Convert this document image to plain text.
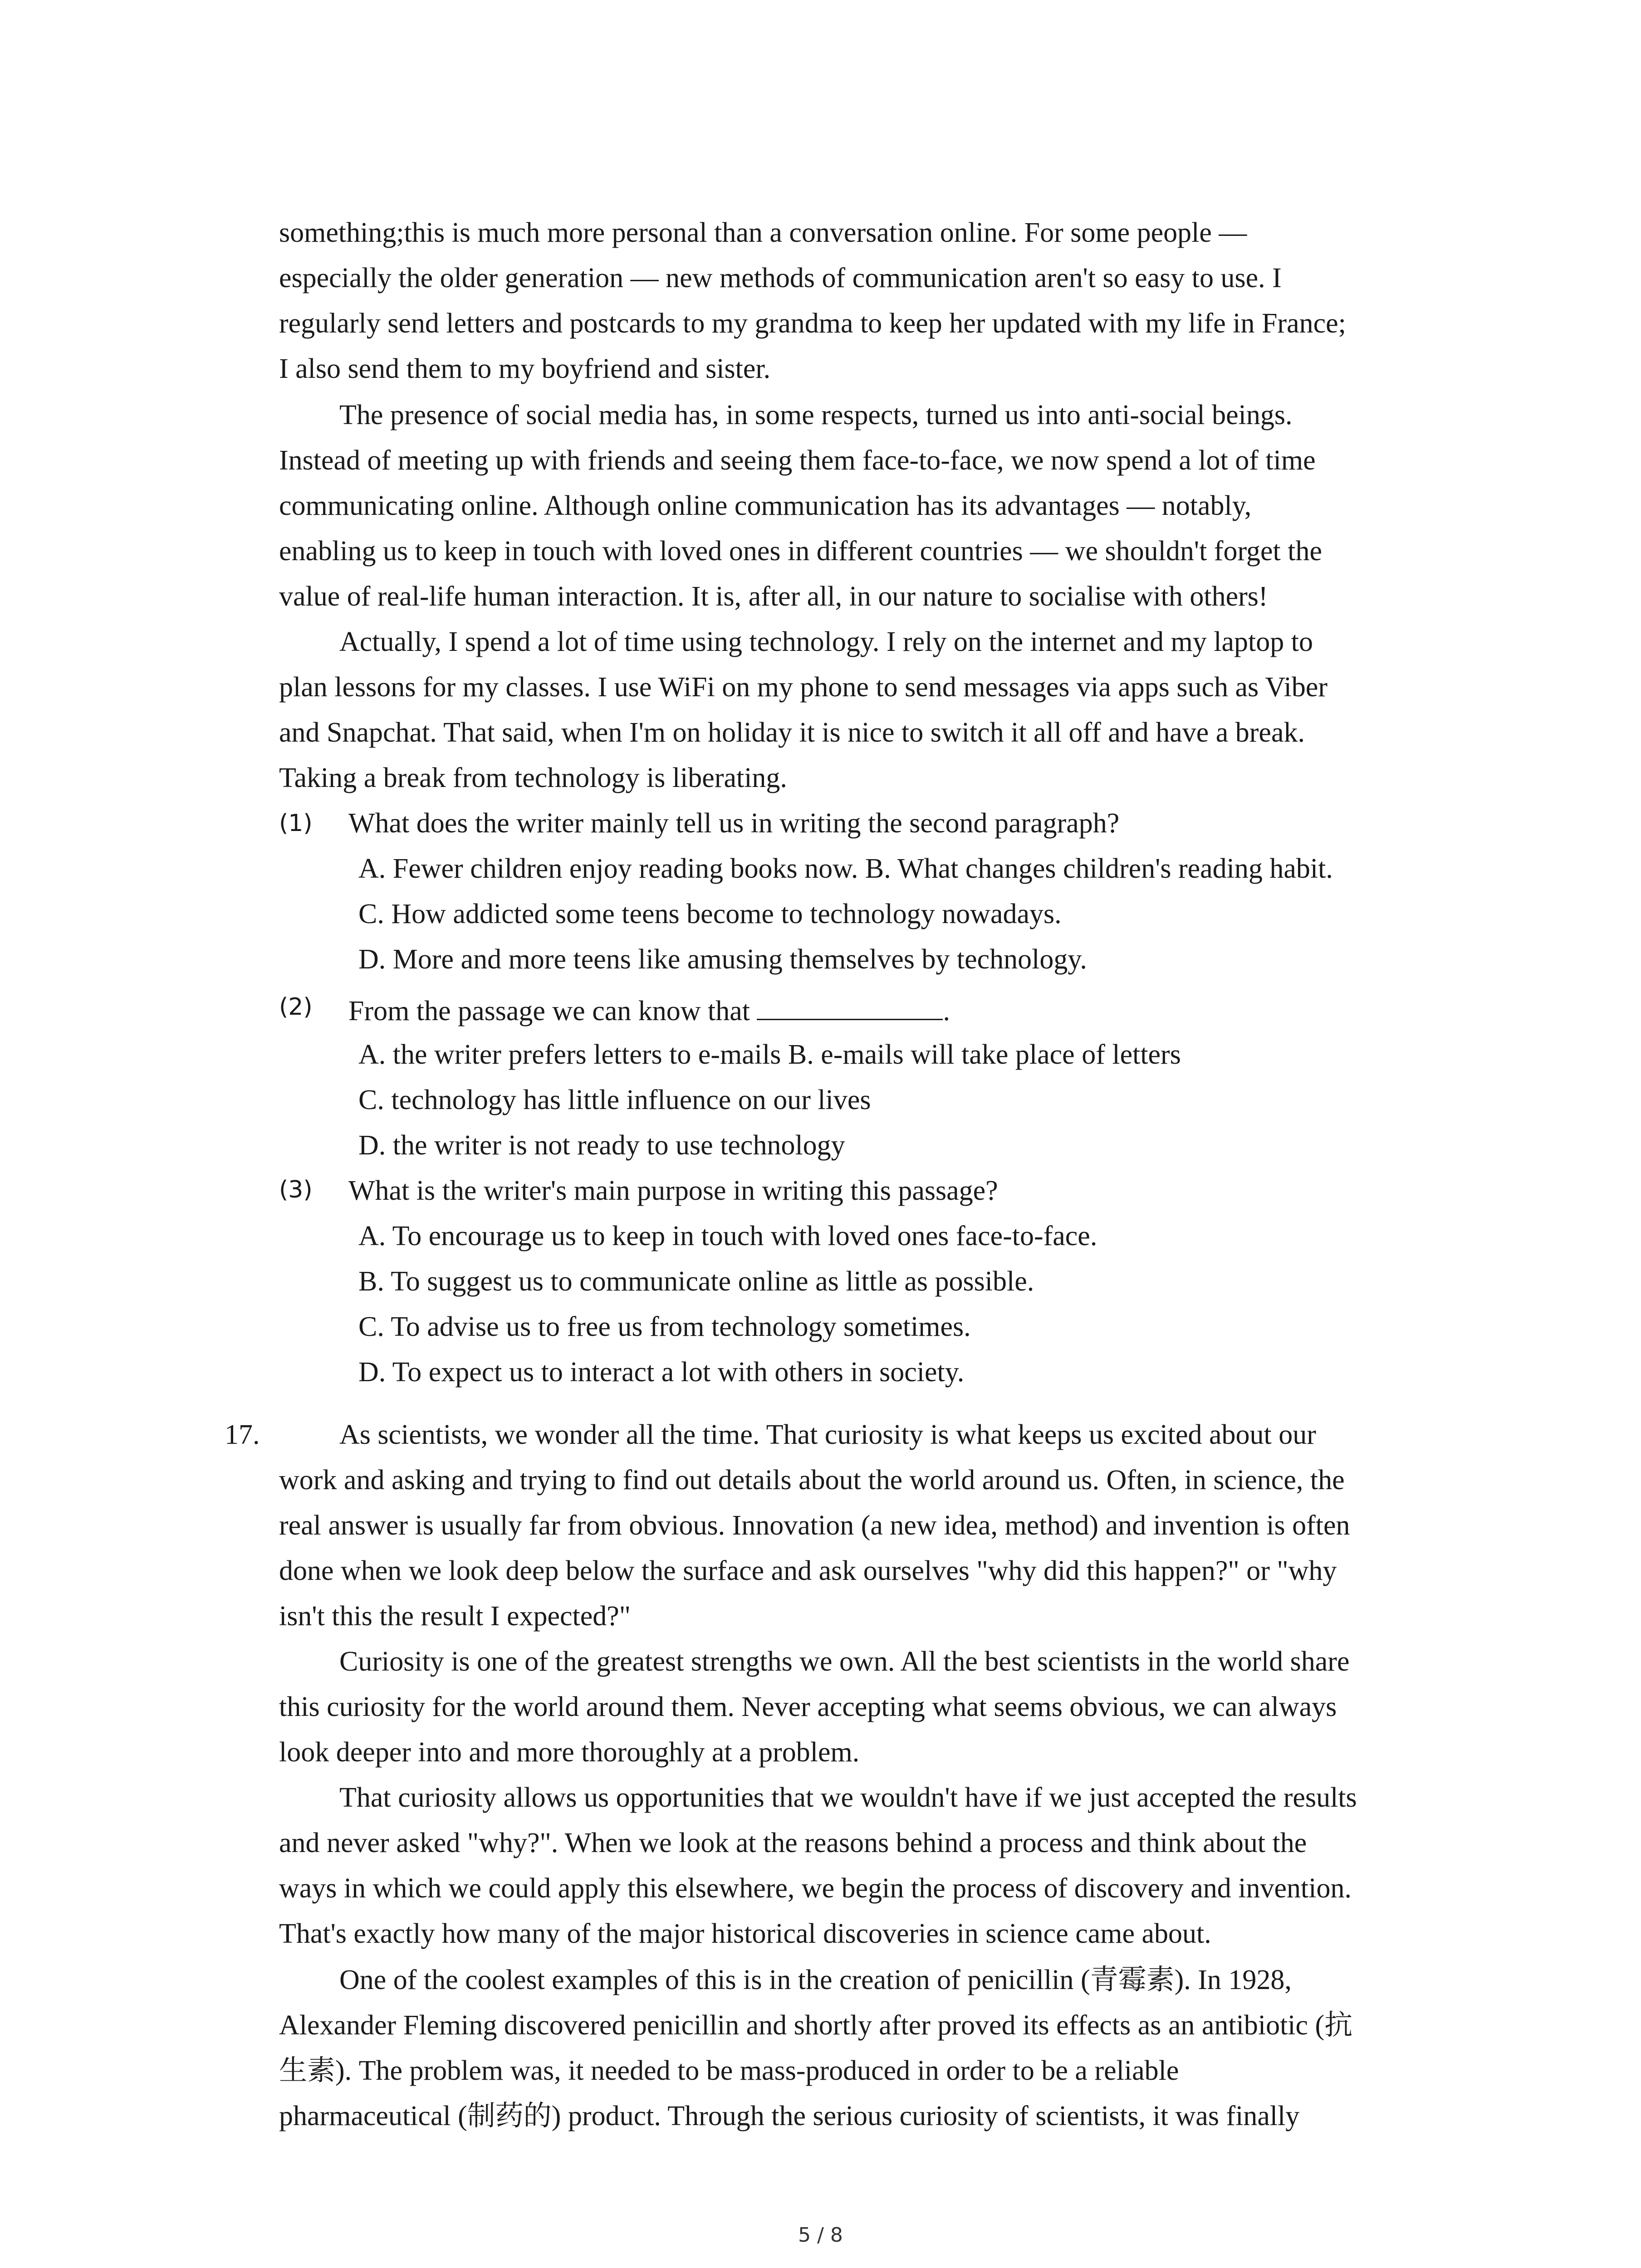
something;this is much more personal than a conversation online. For some people —
especially the older generation — new methods of communication aren't so easy to use. I
regularly send letters and postcards to my grandma to keep her updated with my life in France;
I also send them to my boyfriend and sister.
The presence of social media has, in some respects, turned us into anti-social beings.
Instead of meeting up with friends and seeing them face-to-face, we now spend a lot of time
communicating online. Although online communication has its advantages — notably,
enabling us to keep in touch with loved ones in different countries — we shouldn't forget the
value of real-life human interaction. It is, after all, in our nature to socialise with others!
Actually, I spend a lot of time using technology. I rely on the internet and my laptop to
plan lessons for my classes. I use WiFi on my phone to send messages via apps such as Viber
and Snapchat. That said, when I'm on holiday it is nice to switch it all off and have a break.
Taking a break from technology is liberating.
(1) What does the writer mainly tell us in writing the second paragraph?
A. Fewer children enjoy reading books now. B. What changes children's reading habit.
C. How addicted some teens become to technology nowadays.
D. More and more teens like amusing themselves by technology.
(2) From the passage we can know that	.
A. the writer prefers letters to e-mails B. e-mails will take place of letters
C. technology has little influence on our lives
D. the writer is not ready to use technology
(3) What is the writer's main purpose in writing this passage?
A. To encourage us to keep in touch with loved ones face-to-face.
B. To suggest us to communicate online as little as possible.
C. To advise us to free us from technology sometimes.
D. To expect us to interact a lot with others in society.
17.	As scientists, we wonder all the time. That curiosity is what keeps us excited about our
work and asking and trying to find out details about the world around us. Often, in science, the
real answer is usually far from obvious. Innovation (a new idea, method) and invention is often
done when we look deep below the surface and ask ourselves "why did this happen?" or "why
isn't this the result I expected?"
Curiosity is one of the greatest strengths we own. All the best scientists in the world share
this curiosity for the world around them. Never accepting what seems obvious, we can always
look deeper into and more thoroughly at a problem.
That curiosity allows us opportunities that we wouldn't have if we just accepted the results
and never asked "why?". When we look at the reasons behind a process and think about the
ways in which we could apply this elsewhere, we begin the process of discovery and invention.
That's exactly how many of the major historical discoveries in science came about.
One of the coolest examples of this is in the creation of penicillin (青霉素). In 1928,
Alexander Fleming discovered penicillin and shortly after proved its effects as an antibiotic (抗
生素). The problem was, it needed to be mass-produced in order to be a reliable
pharmaceutical (制药的) product. Through the serious curiosity of scientists, it was finally
5 / 8
